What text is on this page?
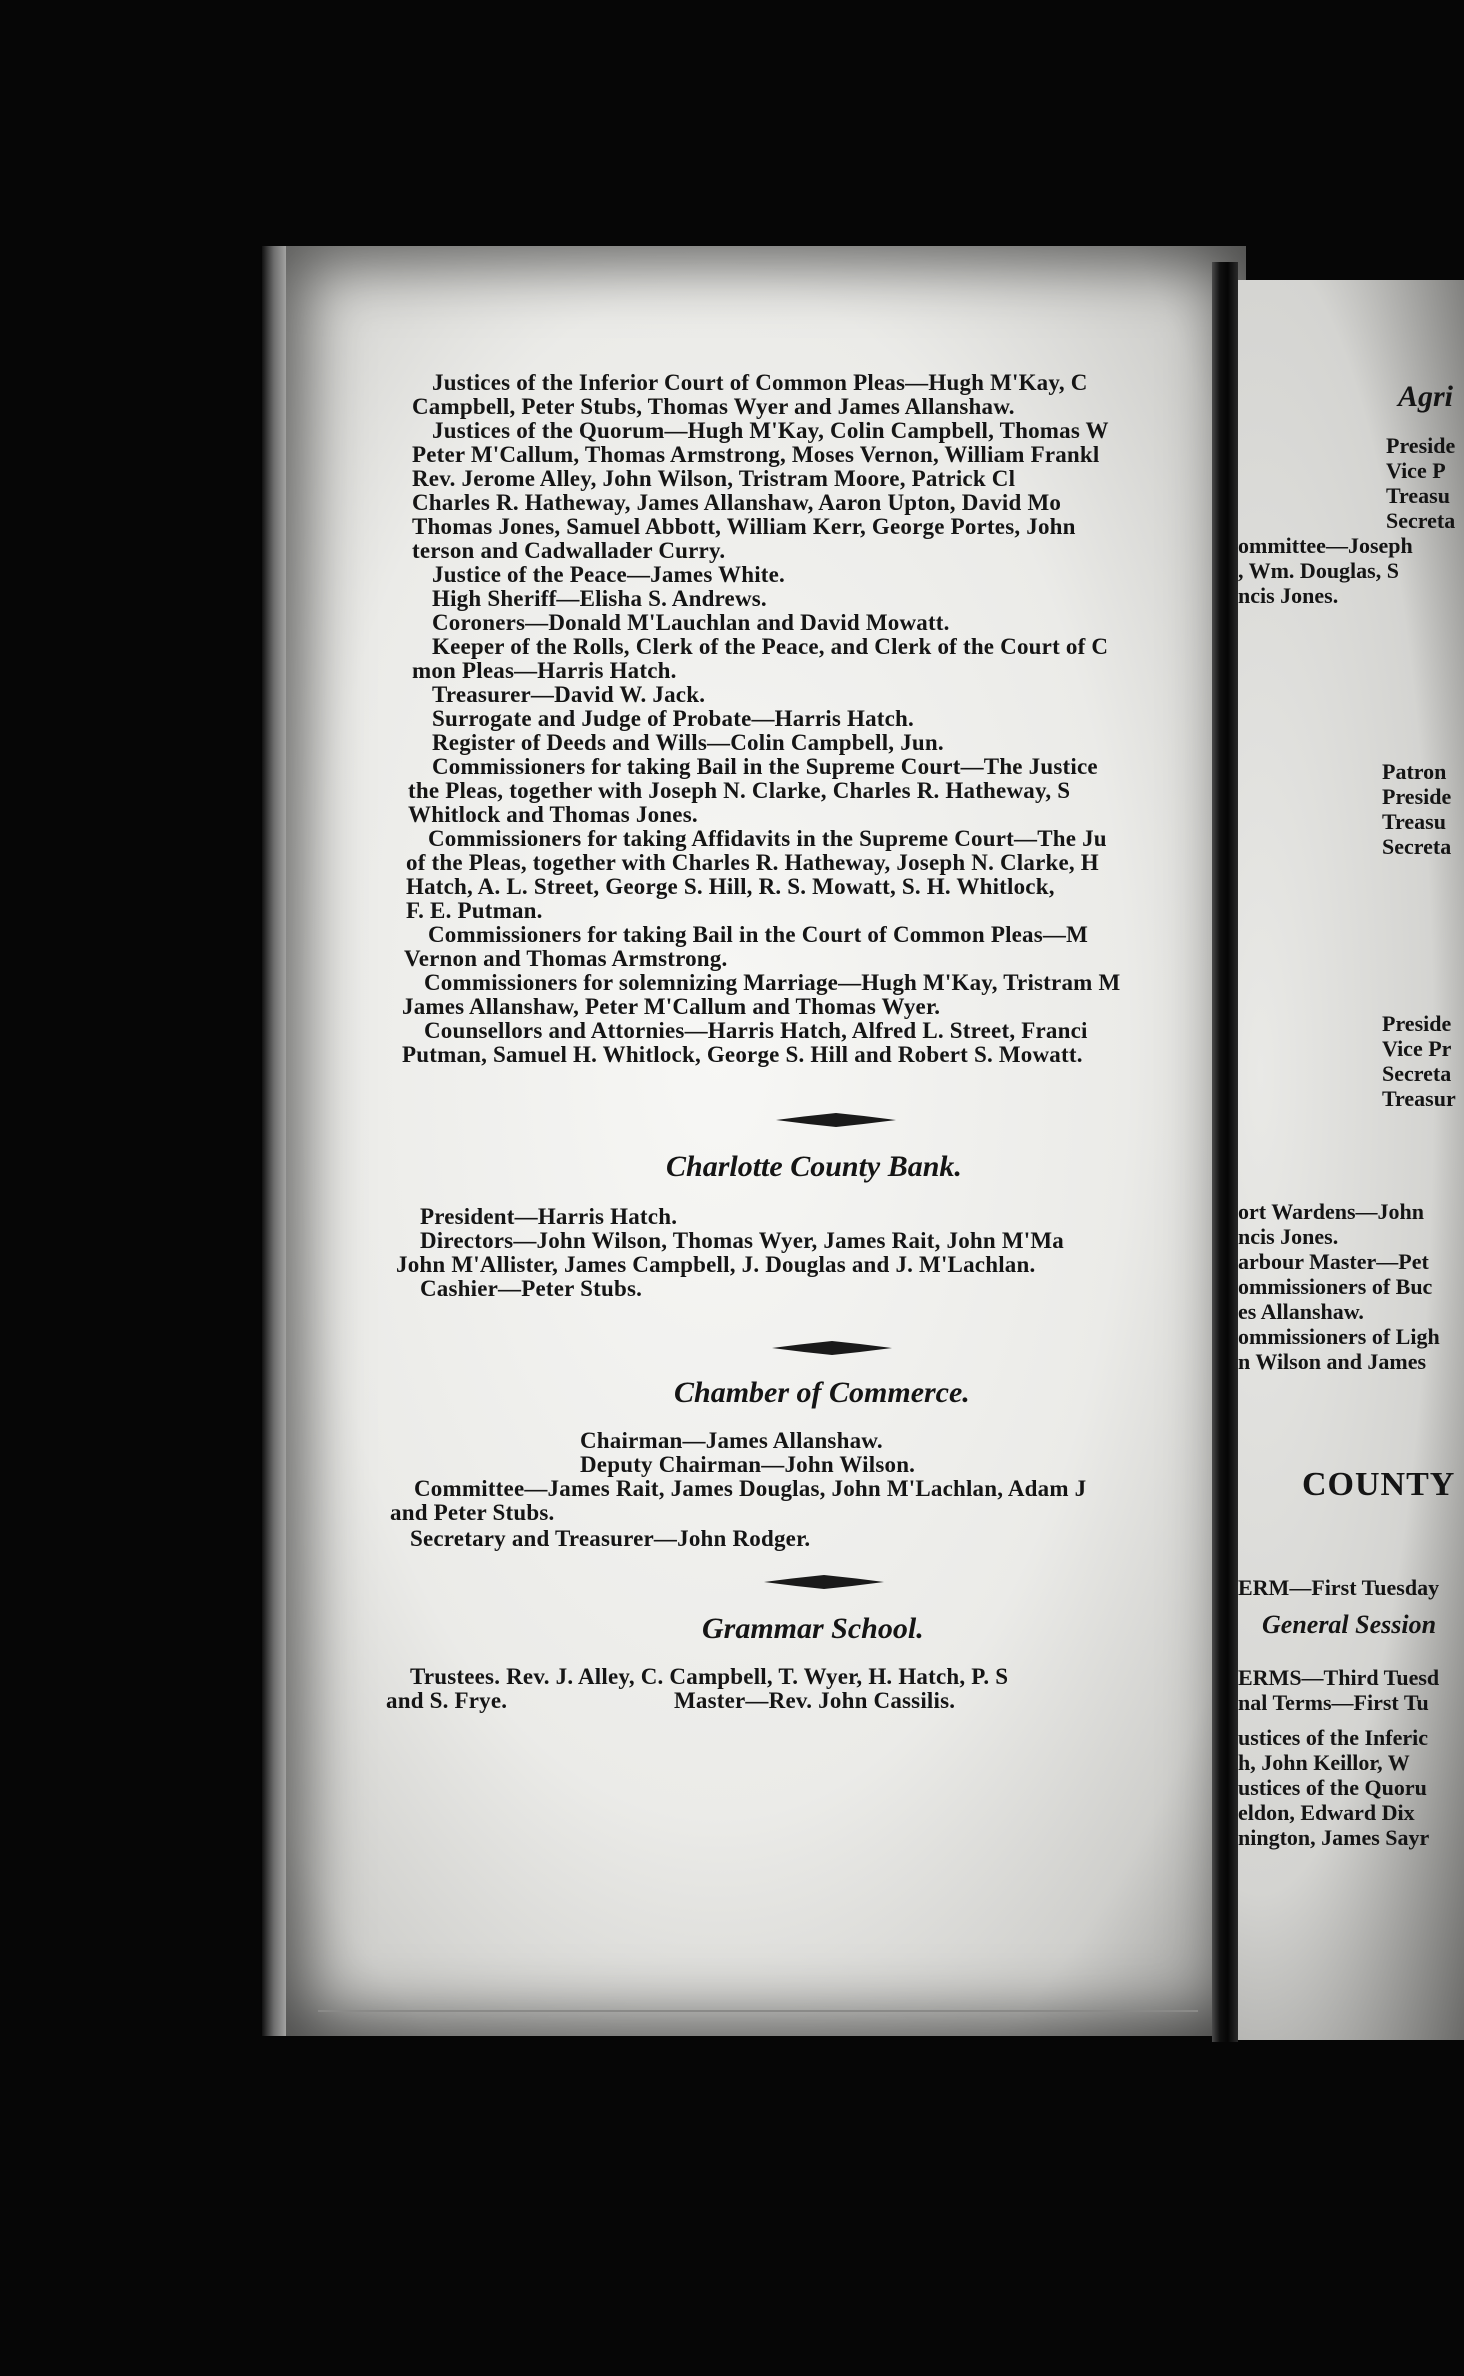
Agri
Preside
Vice P
Treasu
Secreta
ommittee—Joseph
, Wm. Douglas, S
ncis Jones.
Patron
Preside
Treasu
Secreta
Preside
Vice Pr
Secreta
Treasur
ort Wardens—John
ncis Jones.
arbour Master—Pet
ommissioners of Buc
es Allanshaw.
ommissioners of Ligh
n Wilson and James
COUNTY
ERM—First Tuesday
General Session
ERMS—Third Tuesd
nal Terms—First Tu
ustices of the Inferic
h, John Keillor, W
ustices of the Quoru
eldon, Edward Dix
nington, James Sayr
Justices of the Inferior Court of Common Pleas—Hugh M'Kay, C
Campbell, Peter Stubs, Thomas Wyer and James Allanshaw.
Justices of the Quorum—Hugh M'Kay, Colin Campbell, Thomas W
Peter M'Callum, Thomas Armstrong, Moses Vernon, William Frankl
Rev. Jerome Alley, John Wilson, Tristram Moore, Patrick Cl
Charles R. Hatheway, James Allanshaw, Aaron Upton, David Mo
Thomas Jones, Samuel Abbott, William Kerr, George Portes, John
terson and Cadwallader Curry.
Justice of the Peace—James White.
High Sheriff—Elisha S. Andrews.
Coroners—Donald M'Lauchlan and David Mowatt.
Keeper of the Rolls, Clerk of the Peace, and Clerk of the Court of C
mon Pleas—Harris Hatch.
Treasurer—David W. Jack.
Surrogate and Judge of Probate—Harris Hatch.
Register of Deeds and Wills—Colin Campbell, Jun.
Commissioners for taking Bail in the Supreme Court—The Justice
the Pleas, together with Joseph N. Clarke, Charles R. Hatheway, S
Whitlock and Thomas Jones.
Commissioners for taking Affidavits in the Supreme Court—The Ju
of the Pleas, together with Charles R. Hatheway, Joseph N. Clarke, H
Hatch, A. L. Street, George S. Hill, R. S. Mowatt, S. H. Whitlock,
F. E. Putman.
Commissioners for taking Bail in the Court of Common Pleas—M
Vernon and Thomas Armstrong.
Commissioners for solemnizing Marriage—Hugh M'Kay, Tristram M
James Allanshaw, Peter M'Callum and Thomas Wyer.
Counsellors and Attornies—Harris Hatch, Alfred L. Street, Franci
Putman, Samuel H. Whitlock, George S. Hill and Robert S. Mowatt.
Charlotte County Bank.
President—Harris Hatch.
Directors—John Wilson, Thomas Wyer, James Rait, John M'Ma
John M'Allister, James Campbell, J. Douglas and J. M'Lachlan.
Cashier—Peter Stubs.
Chamber of Commerce.
Chairman—James Allanshaw.
Deputy Chairman—John Wilson.
Committee—James Rait, James Douglas, John M'Lachlan, Adam J
and Peter Stubs.
Secretary and Treasurer—John Rodger.
Grammar School.
Trustees. Rev. J. Alley, C. Campbell, T. Wyer, H. Hatch, P. S
and S. Frye.	Master—Rev. John Cassilis.
